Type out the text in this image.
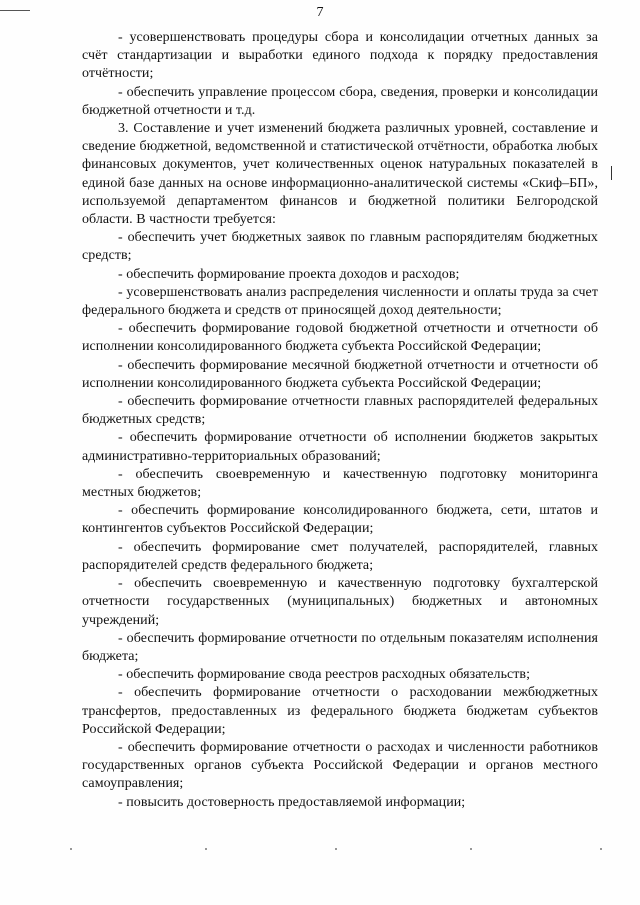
7

- усовершенствовать процедуры сбора и консолидации отчетных данных за счёт стандартизации и выработки единого подхода к порядку предоставления отчётности;

- обеспечить управление процессом сбора, сведения, проверки и консолидации бюджетной отчетности и т.д.

3. Составление и учет изменений бюджета различных уровней, составление и сведение бюджетной, ведомственной и статистической отчётности, обработка любых финансовых документов, учет количественных оценок натуральных показателей в единой базе данных на основе информационно-аналитической системы «Скиф–БП», используемой департаментом финансов и бюджетной политики Белгородской области. В частности требуется:

- обеспечить учет бюджетных заявок по главным распорядителям бюджетных средств;

- обеспечить формирование проекта доходов и расходов;

- усовершенствовать анализ распределения численности и оплаты труда за счет федерального бюджета и средств от приносящей доход деятельности;

- обеспечить формирование годовой бюджетной отчетности и отчетности об исполнении консолидированного бюджета субъекта Российской Федерации;

- обеспечить формирование месячной бюджетной отчетности и отчетности об исполнении консолидированного бюджета субъекта Российской Федерации;

- обеспечить формирование отчетности главных распорядителей федеральных бюджетных средств;

- обеспечить формирование отчетности об исполнении бюджетов закрытых административно-территориальных образований;

- обеспечить своевременную и качественную подготовку мониторинга местных бюджетов;

- обеспечить формирование консолидированного бюджета, сети, штатов и контингентов субъектов Российской Федерации;

- обеспечить формирование смет получателей, распорядителей, главных распорядителей средств федерального бюджета;

- обеспечить своевременную и качественную подготовку бухгалтерской отчетности государственных (муниципальных) бюджетных и автономных учреждений;

- обеспечить формирование отчетности по отдельным показателям исполнения бюджета;

- обеспечить формирование свода реестров расходных обязательств;

- обеспечить формирование отчетности о расходовании межбюджетных трансфертов, предоставленных из федерального бюджета бюджетам субъектов Российской Федерации;

- обеспечить формирование отчетности о расходах и численности работников государственных органов субъекта Российской Федерации и органов местного самоуправления;

- повысить достоверность предоставляемой информации;
